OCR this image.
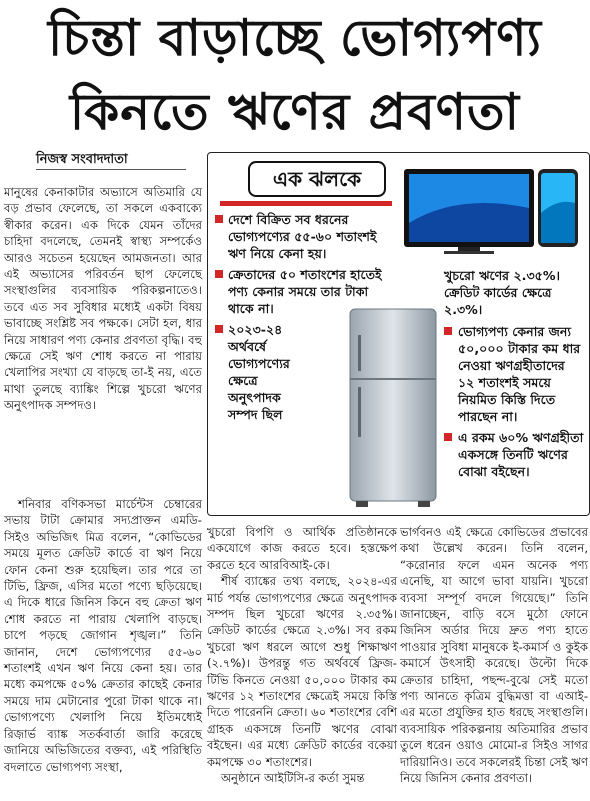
চিন্তা বাড়াচ্ছে ভোগ্যপণ্য
কিনতে ঋণের প্রবণতা
নিজস্ব সংবাদদাতা

মানুষের কেনাকাটার অভ্যাসে অতিমারি যে বড় প্রভাব ফেলেছে, তা সকলে একবাক্যে স্বীকার করেন। এক দিকে যেমন তাঁদের চাহিদা বদলেছে, তেমনই স্বাস্থ্য সম্পর্কেও আরও সচেতন হয়েছেন আমজনতা। আর এই অভ্যাসের পরিবর্তন ছাপ ফেলেছে সংস্থাগুলির ব্যবসায়িক পরিকল্পনাতেও। তবে এত সব সুবিধার মধ্যেই একটা বিষয় ভাবাচ্ছে সংশ্লিষ্ট সব পক্ষকে। সেটা হল, ধার নিয়ে সাধারণ পণ্য কেনার প্রবণতা বৃদ্ধি। বহু ক্ষেত্রে সেই ঋণ শোধ করতে না পারায় খেলাপির সংখ্যা যে বাড়ছে তা-ই নয়, এতে মাথা তুলছে ব্যাঙ্কিং শিল্পে খুচরো ঋণের অনুৎপাদক সম্পদও।

শনিবার বণিকসভা মার্চেন্টস চেম্বারের সভায় টাটা ক্রোমার সদ্যপ্রাক্তন এমডি-সিইও অভিজিৎ মিত্র বলেন, “কোভিডের সময়ে মূলত ক্রেডিট কার্ডে বা ঋণ নিয়ে ফোন কেনা শুরু হয়েছিল। তার পরে তা টিভি, ফ্রিজ, এসির মতো পণ্যে ছড়িয়েছে। এ দিকে ধারে জিনিস কিনে বহু ক্রেতা ঋণ শোধ করতে না পারায় খেলাপি বাড়ছে। চাপে পড়ছে জোগান শৃঙ্খল।” তিনি জানান, দেশে ভোগ্যপণ্যের ৫৫-৬০ শতাংশই এখন ঋণ নিয়ে কেনা হয়। তার মধ্যে কমপক্ষে ৫০% ক্রেতার কাছেই কেনার সময়ে দাম মেটানোর পুরো টাকা থাকে না। ভোগ্যপণ্যে খেলাপি নিয়ে ইতিমধ্যেই রিজ়ার্ভ ব্যাঙ্ক সতর্কবার্তা জারি করেছে জানিয়ে অভিজিতের বক্তব্য, এই পরিস্থিতি বদলাতে ভোগ্যপণ্য সংস্থা,

এক ঝলকে
দেশে বিক্রিত সব ধরনের ভোগ্যপণ্যের ৫৫-৬০ শতাংশই ঋণ নিয়ে কেনা হয়।
ক্রেতাদের ৫০ শতাংশের হাতেই পণ্য কেনার সময়ে তার টাকা থাকে না।
২০২৩-২৪ অর্থবর্ষে ভোগ্যপণ্যের ক্ষেত্রে অনুৎপাদক সম্পদ ছিল
খুচরো ঋণের ২.৩৫%। ক্রেডিট কার্ডের ক্ষেত্রে ২.৩%।
ভোগ্যপণ্য কেনার জন্য ৫০,০০০ টাকার কম ধার নেওয়া ঋণগ্রহীতাদের ১২ শতাংশই সময়ে নিয়মিত কিস্তি দিতে পারছেন না।
এ রকম ৬০% ঋণগ্রহীতা একসঙ্গে তিনটি ঋণের বোঝা বইছেন।

খুচরো বিপণি ও আর্থিক প্রতিষ্ঠানকে একযোগে কাজ করতে হবে। হস্তক্ষেপ করতে হবে আরবিআই-কে।

শীর্ষ ব্যাঙ্কের তথ্য বলছে, ২০২৪-এর মার্চ পর্যন্ত ভোগ্যপণ্যের ক্ষেত্রে অনুৎপাদক সম্পদ ছিল খুচরো ঋণের ২.৩৫%। ক্রেডিট কার্ডের ক্ষেত্রে ২.৩%। সব রকম খুচরো ঋণ ধরলে আগে শুধু শিক্ষাঋণ (২.৭%)। উপরন্তু গত অর্থবর্ষে ফ্রিজ-টিভি কিনতে নেওয়া ৫০,০০০ টাকার কম ঋণের ১২ শতাংশের ক্ষেত্রেই সময়ে কিস্তি দিতে পারেননি ক্রেতা। ৬০ শতাংশের বেশি গ্রাহক একসঙ্গে তিনটি ঋণের বোঝা বইছেন। এর মধ্যে ক্রেডিট কার্ডের বকেয়া কমপক্ষে ৩০ শতাংশের।

অনুষ্ঠানে আইটিসি-র কর্তা সুমন্ত

ভার্গবনও এই ক্ষেত্রে কোভিডের প্রভাবের কথা উল্লেখ করেন। তিনি বলেন, “করোনার ফলে এমন অনেক পণ্য এনেছি, যা আগে ভাবা যায়নি। খুচরো ব্যবসা সম্পূর্ণ বদলে গিয়েছে।” তিনি জানাচ্ছেন, বাড়ি বসে মুঠো ফোনে জিনিস অর্ডার দিয়ে দ্রুত পণ্য হাতে পাওয়ার সুবিধা মানুষকে ই-কমার্স ও কুইক কমার্সে উৎসাহী করেছে। উল্টো দিকে ক্রেতার চাহিদা, পছন্দ-বুঝে সেই মতো পণ্য আনতে কৃত্রিম বুদ্ধিমত্তা বা এআই-এর মতো প্রযুক্তির হাত ধরছে সংস্থাগুলি। ব্যবসায়িক পরিকল্পনায় অতিমারির প্রভাব তুলে ধরেন ওয়াও মোমো-র সিইও সাগর দারিয়ানিও। তবে সকলেরই চিন্তা সেই ঋণ নিয়ে জিনিস কেনার প্রবণতা।
